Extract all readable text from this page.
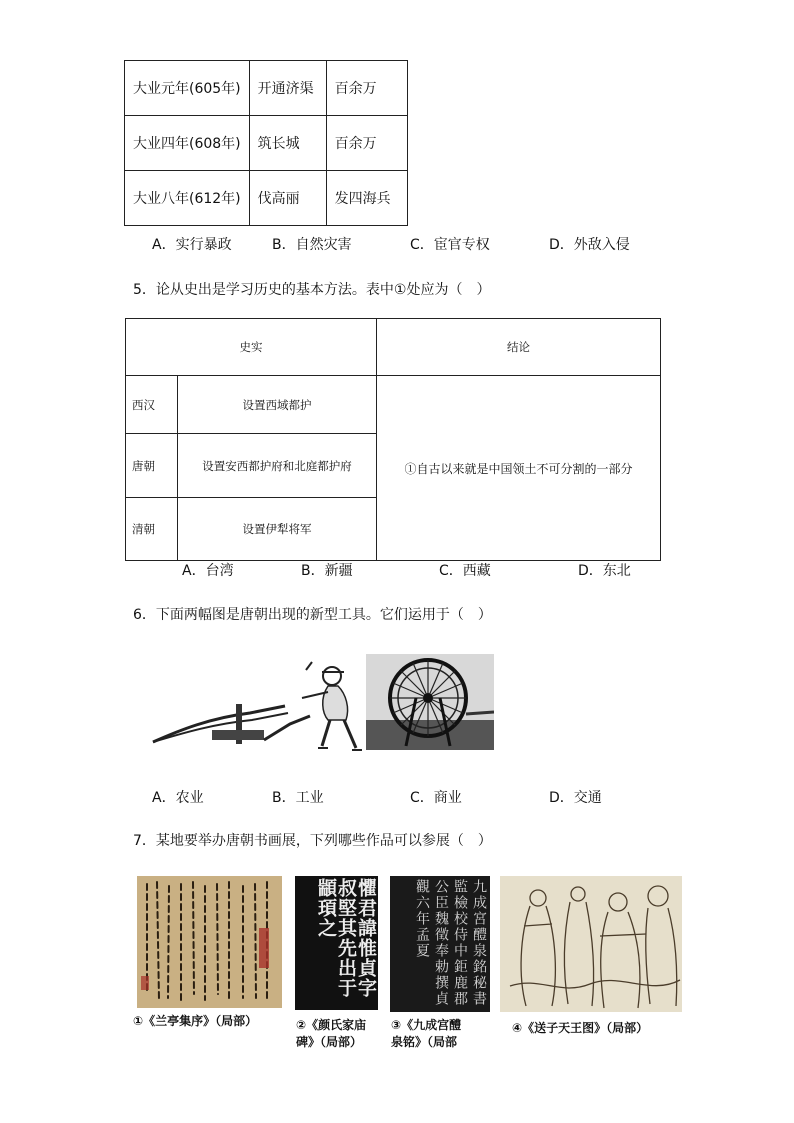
大业元年(605年)	开通济渠	百余万
大业四年(608年)	筑长城	百余万
大业八年(612年)	伐高丽	发四海兵
A．实行暴政	B．自然灾害	C．宦官专权	D．外敌入侵
5．论从史出是学习历史的基本方法。表中①处应为（　）
史实		结论
西汉	设置西域都护	①自古以来就是中国领土不可分割的一部分
唐朝	设置安西都护府和北庭都护府	
清朝	设置伊犁将军	
A．台湾	B．新疆	C．西藏	D．东北
6．下面两幅图是唐朝出现的新型工具。它们运用于（　）
A．农业	B．工业	C．商业	D．交通
7．某地要举办唐朝书画展，下列哪些作品可以参展（　）
①《兰亭集序》（局部）
懼君諱惟貞字叔堅其先出于顓頊之
②《颜氏家庙
碑》（局部）
九成宮醴泉銘秘書監檢校侍中鉅鹿郡公臣魏徵奉勅撰貞觀六年孟夏
③《九成宫醴
泉铭》（局部
④《送子天王图》（局部）
